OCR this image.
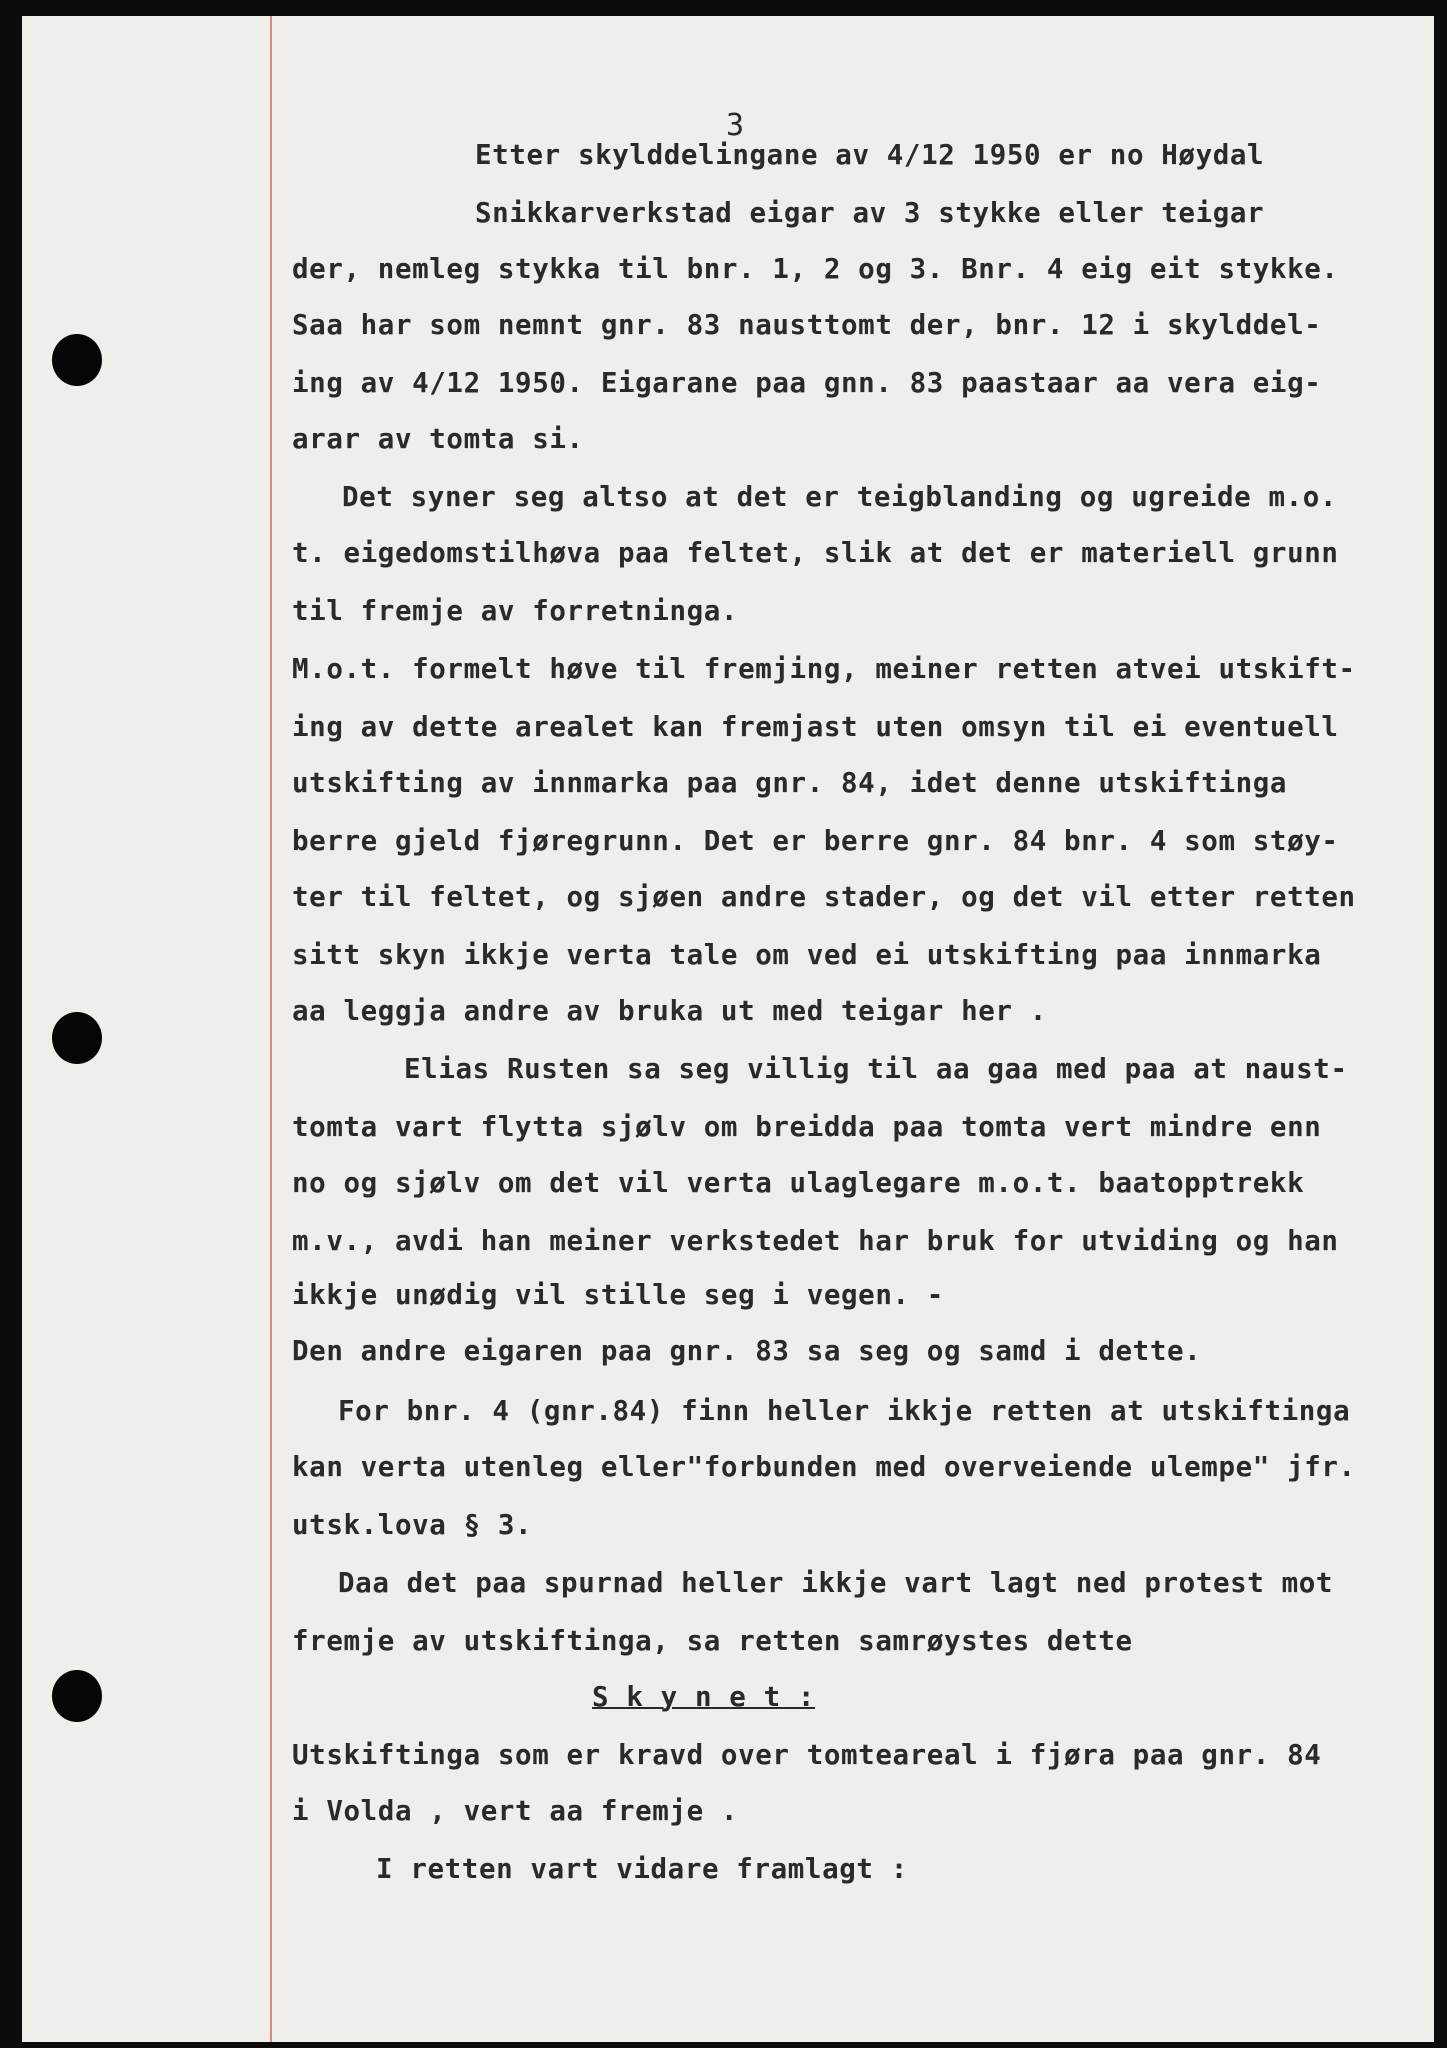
3
Etter skylddelingane av 4/12 1950 er no Høydal
Snikkarverkstad eigar av 3 stykke eller teigar
der, nemleg stykka til bnr. 1, 2 og 3. Bnr. 4 eig eit stykke.
Saa har som nemnt gnr. 83 nausttomt der, bnr. 12 i skylddel-
ing av 4/12 1950. Eigarane paa gnn. 83 paastaar aa vera eig-
arar av tomta si.
Det syner seg altso at det er teigblanding og ugreide m.o.
t. eigedomstilhøva paa feltet, slik at det er materiell grunn
til fremje av forretninga.
M.o.t. formelt høve til fremjing, meiner retten atvei utskift-
ing av dette arealet kan fremjast uten omsyn til ei eventuell
utskifting av innmarka paa gnr. 84, idet denne utskiftinga
berre gjeld fjøregrunn. Det er berre gnr. 84 bnr. 4 som støy-
ter til feltet, og sjøen andre stader, og det vil etter retten
sitt skyn ikkje verta tale om ved ei utskifting paa innmarka
aa leggja andre av bruka ut med teigar her .
Elias Rusten sa seg villig til aa gaa med paa at naust-
tomta vart flytta sjølv om breidda paa tomta vert mindre enn
no og sjølv om det vil verta ulaglegare m.o.t. baatopptrekk
m.v., avdi han meiner verkstedet har bruk for utviding og han
ikkje unødig vil stille seg i vegen. -
Den andre eigaren paa gnr. 83 sa seg og samd i dette.
For bnr. 4 (gnr.84) finn heller ikkje retten at utskiftinga
kan verta utenleg eller"forbunden med overveiende ulempe" jfr.
utsk.lova § 3.
Daa det paa spurnad heller ikkje vart lagt ned protest mot
fremje av utskiftinga, sa retten samrøystes dette
S k y n e t :
Utskiftinga som er kravd over tomteareal i fjøra paa gnr. 84
i Volda , vert aa fremje .
I retten vart vidare framlagt :
